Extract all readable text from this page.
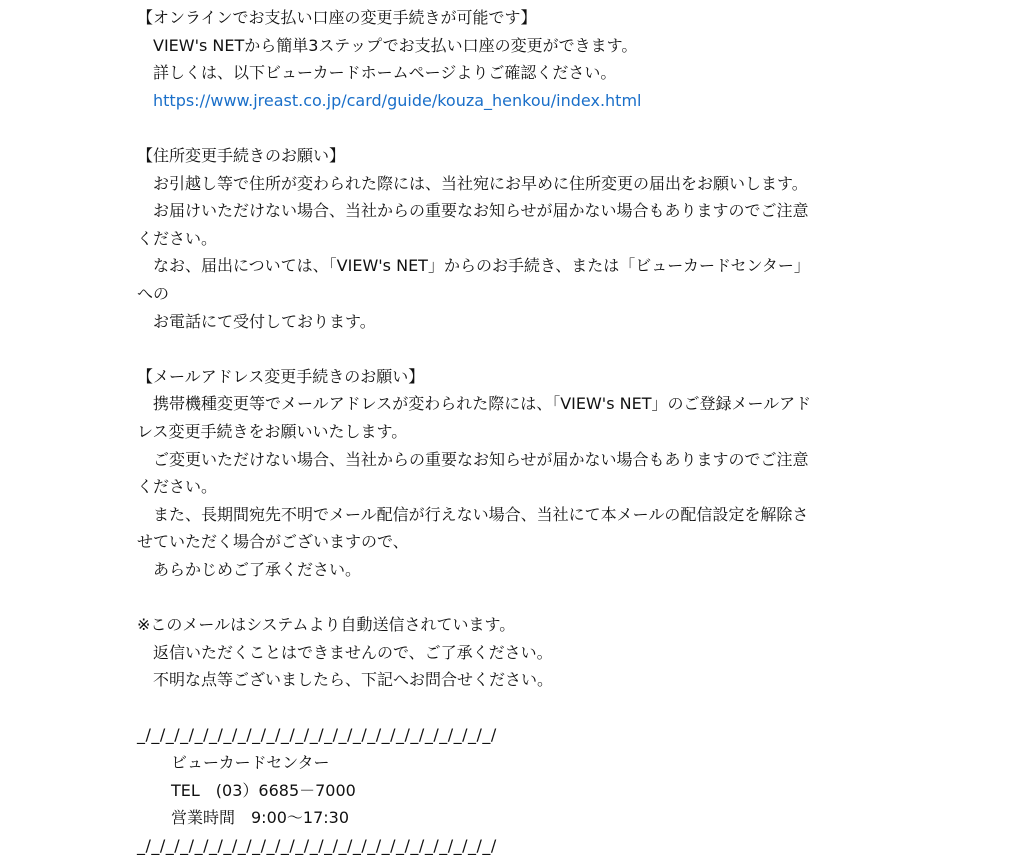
【オンラインでお支払い口座の変更手続きが可能です】
VIEW's NETから簡単3ステップでお支払い口座の変更ができます。
詳しくは、以下ビューカードホームページよりご確認ください。
https://www.jreast.co.jp/card/guide/kouza_henkou/index.html
【住所変更手続きのお願い】
お引越し等で住所が変わられた際には、当社宛にお早めに住所変更の届出をお願いします。
お届けいただけない場合、当社からの重要なお知らせが届かない場合もありますのでご注意
ください。
なお、届出については、「VIEW's NET」からのお手続き、または「ビューカードセンター」
への
お電話にて受付しております。
【メールアドレス変更手続きのお願い】
携帯機種変更等でメールアドレスが変わられた際には、「VIEW's NET」のご登録メールアド
レス変更手続きをお願いいたします。
ご変更いただけない場合、当社からの重要なお知らせが届かない場合もありますのでご注意
ください。
また、長期間宛先不明でメール配信が行えない場合、当社にて本メールの配信設定を解除さ
せていただく場合がございますので、
あらかじめご了承ください。
※このメールはシステムより自動送信されています。
返信いただくことはできませんので、ご了承ください。
不明な点等ございましたら、下記へお問合せください。
_/_/_/_/_/_/_/_/_/_/_/_/_/_/_/_/_/_/_/_/_/_/_/_/_/
ビューカードセンター
TEL　(03）6685－7000
営業時間　9:00～17:30
_/_/_/_/_/_/_/_/_/_/_/_/_/_/_/_/_/_/_/_/_/_/_/_/_/
